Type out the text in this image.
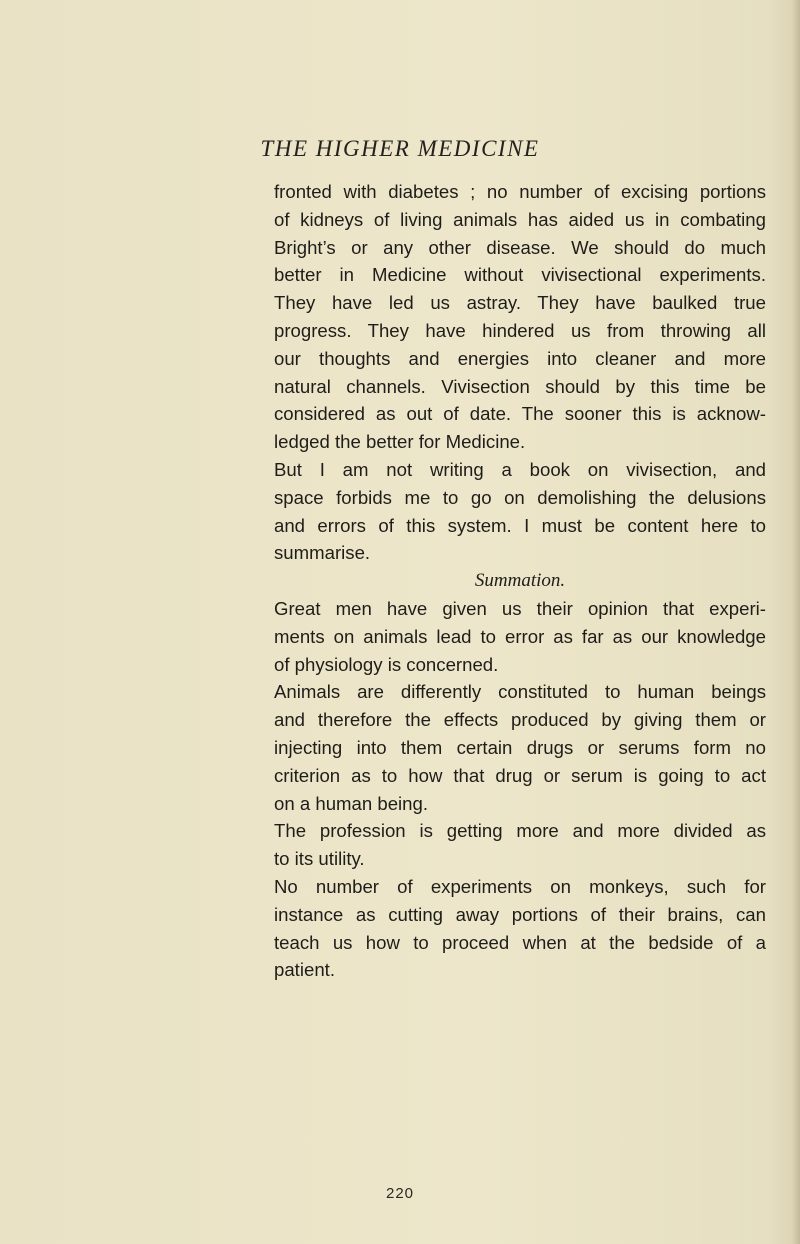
THE HIGHER MEDICINE
fronted with diabetes ; no number of excising portions
of kidneys of living animals has aided us in combating
Bright’s or any other disease. We should do much
better in Medicine without vivisectional experiments.
They have led us astray. They have baulked true
progress. They have hindered us from throwing all
our thoughts and energies into cleaner and more
natural channels. Vivisection should by this time be
considered as out of date. The sooner this is acknow-
ledged the better for Medicine.
But I am not writing a book on vivisection, and
space forbids me to go on demolishing the delusions
and errors of this system. I must be content here to
summarise.
Summation.
Great men have given us their opinion that experi-
ments on animals lead to error as far as our knowledge
of physiology is concerned.
Animals are differently constituted to human beings
and therefore the effects produced by giving them or
injecting into them certain drugs or serums form no
criterion as to how that drug or serum is going to act
on a human being.
The profession is getting more and more divided as
to its utility.
No number of experiments on monkeys, such for
instance as cutting away portions of their brains, can
teach us how to proceed when at the bedside of a
patient.
220
